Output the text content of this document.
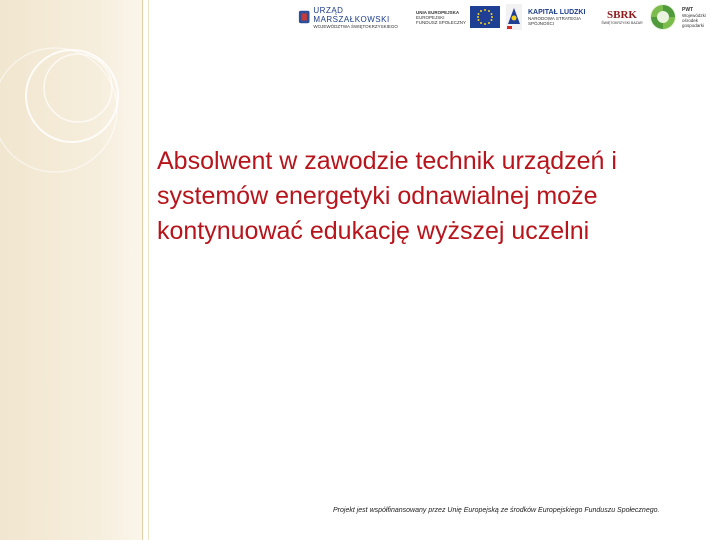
URZĄD MARSZAŁKOWSKI
WOJEWÓDZTWA ŚWIĘTOKRZYSKIEGO
UNIA EUROPEJSKA
EUROPEJSKI
FUNDUSZ SPOŁECZNY
KAPITAŁ LUDZKI
NARODOWA STRATEGIA SPÓJNOŚCI
SBRK
ŚWIĘTOKRZYSKI BAZAR
PWT
Wojewódzki
ośrodek
gospodarki
Absolwent w zawodzie technik urządzeń i systemów energetyki odnawialnej może kontynuować edukację wyższej uczelni
Projekt jest współfinansowany przez Unię Europejską ze środków Europejskiego Funduszu Społecznego.
